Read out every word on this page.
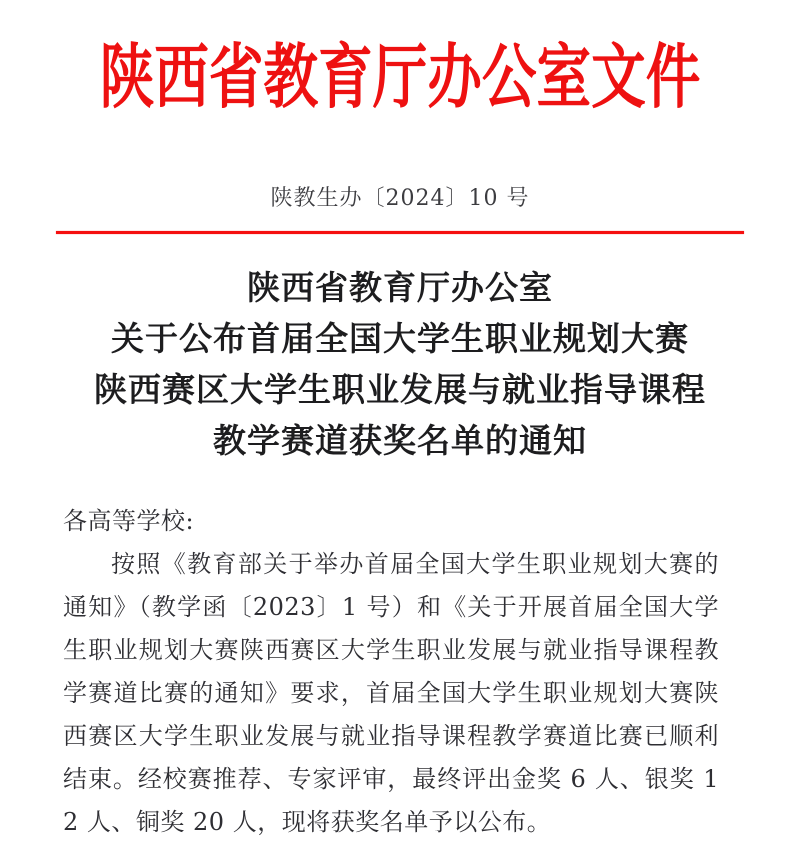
陕西省教育厅办公室文件
陕教生办〔2024〕10 号
陕西省教育厅办公室
关于公布首届全国大学生职业规划大赛
陕西赛区大学生职业发展与就业指导课程
教学赛道获奖名单的通知

各高等学校:

按照《教育部关于举办首届全国大学生职业规划大赛的通知》（教学函〔2023〕1 号）和《关于开展首届全国大学生职业规划大赛陕西赛区大学生职业发展与就业指导课程教学赛道比赛的通知》要求，首届全国大学生职业规划大赛陕西赛区大学生职业发展与就业指导课程教学赛道比赛已顺利结束。经校赛推荐、专家评审，最终评出金奖 6 人、银奖 12 人、铜奖 20 人，现将获奖名单予以公布。
